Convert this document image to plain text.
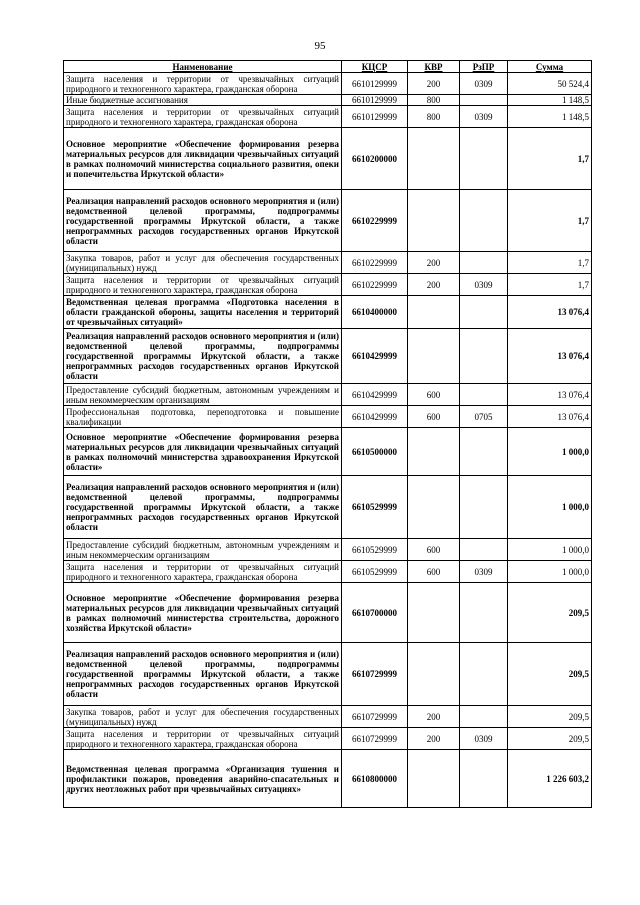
95
Наименование	КЦСР	КВР	РзПР	Сумма
Защита населения и территории от чрезвычайных ситуаций природного и техногенного характера, гражданская оборона	6610129999	200	0309	50 524,4
Иные бюджетные ассигнования	6610129999	800		1 148,5
Защита населения и территории от чрезвычайных ситуаций природного и техногенного характера, гражданская оборона	6610129999	800	0309	1 148,5
Основное мероприятие «Обеспечение формирования резерва материальных ресурсов для ликвидации чрезвычайных ситуаций в рамках полномочий министерства социального развития, опеки и попечительства Иркутской области»	6610200000			1,7
Реализация направлений расходов основного мероприятия и (или) ведомственной целевой программы, подпрограммы государственной программы Иркутской области, а также непрограммных расходов государственных органов Иркутской области	6610229999			1,7
Закупка товаров, работ и услуг для обеспечения государственных (муниципальных) нужд	6610229999	200		1,7
Защита населения и территории от чрезвычайных ситуаций природного и техногенного характера, гражданская оборона	6610229999	200	0309	1,7
Ведомственная целевая программа «Подготовка населения в области гражданской обороны, защиты населения и территорий от чрезвычайных ситуаций»	6610400000			13 076,4
Реализация направлений расходов основного мероприятия и (или) ведомственной целевой программы, подпрограммы государственной программы Иркутской области, а также непрограммных расходов государственных органов Иркутской области	6610429999			13 076,4
Предоставление субсидий бюджетным, автономным учреждениям и иным некоммерческим организациям	6610429999	600		13 076,4
Профессиональная подготовка, переподготовка и повышение квалификации	6610429999	600	0705	13 076,4
Основное мероприятие «Обеспечение формирования резерва материальных ресурсов для ликвидации чрезвычайных ситуаций в рамках полномочий министерства здравоохранения Иркутской области»	6610500000			1 000,0
Реализация направлений расходов основного мероприятия и (или) ведомственной целевой программы, подпрограммы государственной программы Иркутской области, а также непрограммных расходов государственных органов Иркутской области	6610529999			1 000,0
Предоставление субсидий бюджетным, автономным учреждениям и иным некоммерческим организациям	6610529999	600		1 000,0
Защита населения и территории от чрезвычайных ситуаций природного и техногенного характера, гражданская оборона	6610529999	600	0309	1 000,0
Основное мероприятие «Обеспечение формирования резерва материальных ресурсов для ликвидации чрезвычайных ситуаций в рамках полномочий министерства строительства, дорожного хозяйства Иркутской области»	6610700000			209,5
Реализация направлений расходов основного мероприятия и (или) ведомственной целевой программы, подпрограммы государственной программы Иркутской области, а также непрограммных расходов государственных органов Иркутской области	6610729999			209,5
Закупка товаров, работ и услуг для обеспечения государственных (муниципальных) нужд	6610729999	200		209,5
Защита населения и территории от чрезвычайных ситуаций природного и техногенного характера, гражданская оборона	6610729999	200	0309	209,5
Ведомственная целевая программа «Организация тушения и профилактики пожаров, проведения аварийно-спасательных и других неотложных работ при чрезвычайных ситуациях»	6610800000			1 226 603,2
